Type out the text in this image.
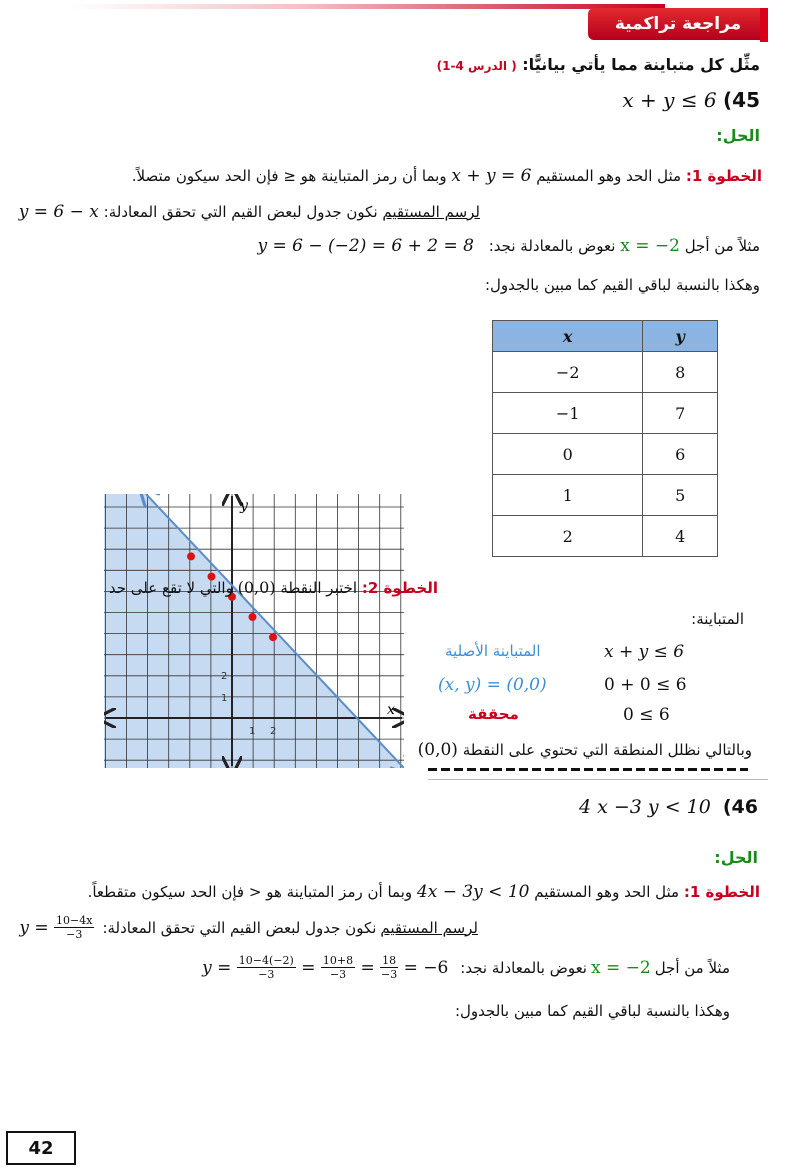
مراجعة تراكمية
مثِّل كل متباينة مما يأتي بيانيًّا: ( الدرس 4-1)
x + y ≤ 6 (45
الحل:
الخطوة 1: مثل الحد وهو المستقيم x + y = 6 وبما أن رمز المتباينة هو ≤ فإن الحد سيكون متصلاً.
لرسم المستقيم نكون جدول لبعض القيم التي تحقق المعادلة: y = 6 − x
مثلاً من أجل x = −2 نعوض بالمعادلة نجد: y = 6 − (−2) = 6 + 2 = 8
وهكذا بالنسبة لباقي القيم كما مبين بالجدول:
x	y
−2	8
−1	7
0	6
1	5
2	4
y
x
1 2
1
2
الخطوة 2: اختبر النقطة (0,0) والتي لا تقع على حد
المتباينة:
x + y ≤ 6
المتباينة الأصلية
0 + 0 ≤ 6
(x, y) = (0,0)
0 ≤ 6
محققة
وبالتالي نظلل المنطقة التي تحتوي على النقطة (0,0)
4 x −3 y < 10 (46
الحل:
الخطوة 1: مثل الحد وهو المستقيم 4x − 3y < 10 وبما أن رمز المتباينة هو < فإن الحد سيكون متقطعاً.
لرسم المستقيم
نكون جدول لبعض القيم التي تحقق المعادلة:
$y = \frac{10-4x}{-3}$
مثلاً من أجل
x = −2
نعوض بالمعادلة نجد:
$y = \frac{10-4(-2)}{-3} = \frac{10+8}{-3} = \frac{18}{-3}$
= −6
وهكذا بالنسبة لباقي القيم كما مبين بالجدول:
42
